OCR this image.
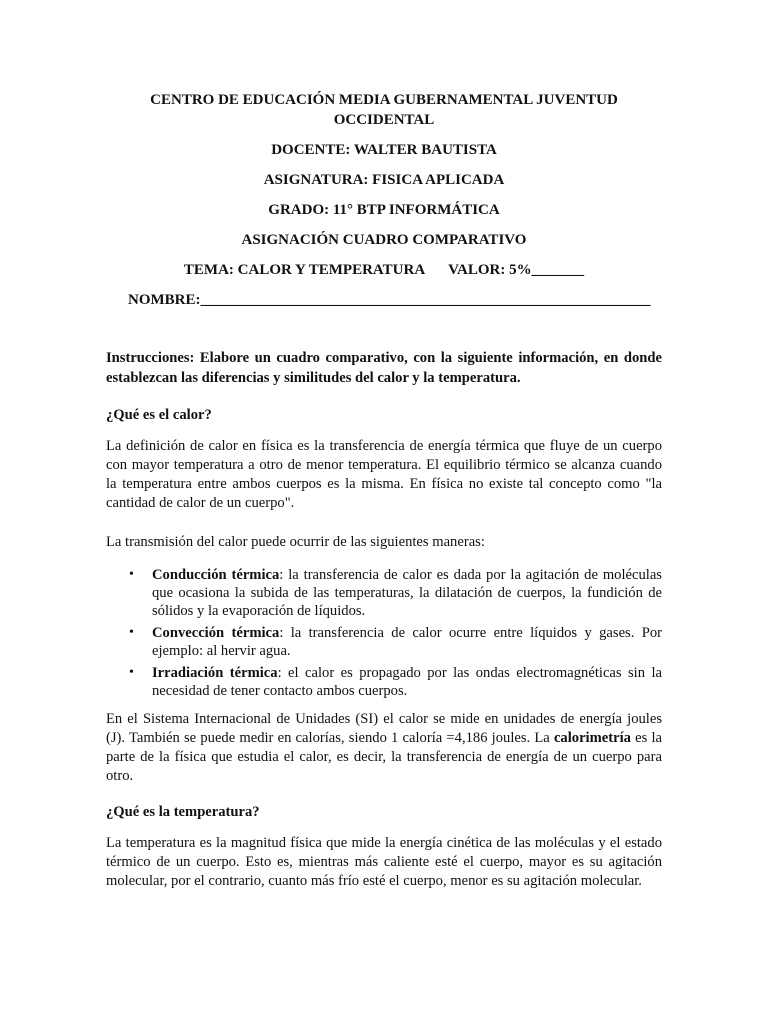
CENTRO DE EDUCACIÓN MEDIA GUBERNAMENTAL JUVENTUD OCCIDENTAL
DOCENTE: WALTER BAUTISTA
ASIGNATURA: FISICA APLICADA
GRADO: 11° BTP INFORMÁTICA
ASIGNACIÓN CUADRO COMPARATIVO
TEMA: CALOR Y TEMPERATURA VALOR: 5%_______
NOMBRE:____________________________________________________________
Instrucciones: Elabore un cuadro comparativo, con la siguiente información, en donde establezcan las diferencias y similitudes del calor y la temperatura.
¿Qué es el calor?

La definición de calor en física es la transferencia de energía térmica que fluye de un cuerpo con mayor temperatura a otro de menor temperatura. El equilibrio térmico se alcanza cuando la temperatura entre ambos cuerpos es la misma. En física no existe tal concepto como "la cantidad de calor de un cuerpo".

La transmisión del calor puede ocurrir de las siguientes maneras:

• Conducción térmica: la transferencia de calor es dada por la agitación de moléculas que ocasiona la subida de las temperaturas, la dilatación de cuerpos, la fundición de sólidos y la evaporación de líquidos.
• Convección térmica: la transferencia de calor ocurre entre líquidos y gases. Por ejemplo: al hervir agua.
• Irradiación térmica: el calor es propagado por las ondas electromagnéticas sin la necesidad de tener contacto ambos cuerpos.

En el Sistema Internacional de Unidades (SI) el calor se mide en unidades de energía joules (J). También se puede medir en calorías, siendo 1 caloría =4,186 joules. La calorimetría es la parte de la física que estudia el calor, es decir, la transferencia de energía de un cuerpo para otro.

¿Qué es la temperatura?

La temperatura es la magnitud física que mide la energía cinética de las moléculas y el estado térmico de un cuerpo. Esto es, mientras más caliente esté el cuerpo, mayor es su agitación molecular, por el contrario, cuanto más frío esté el cuerpo, menor es su agitación molecular.
